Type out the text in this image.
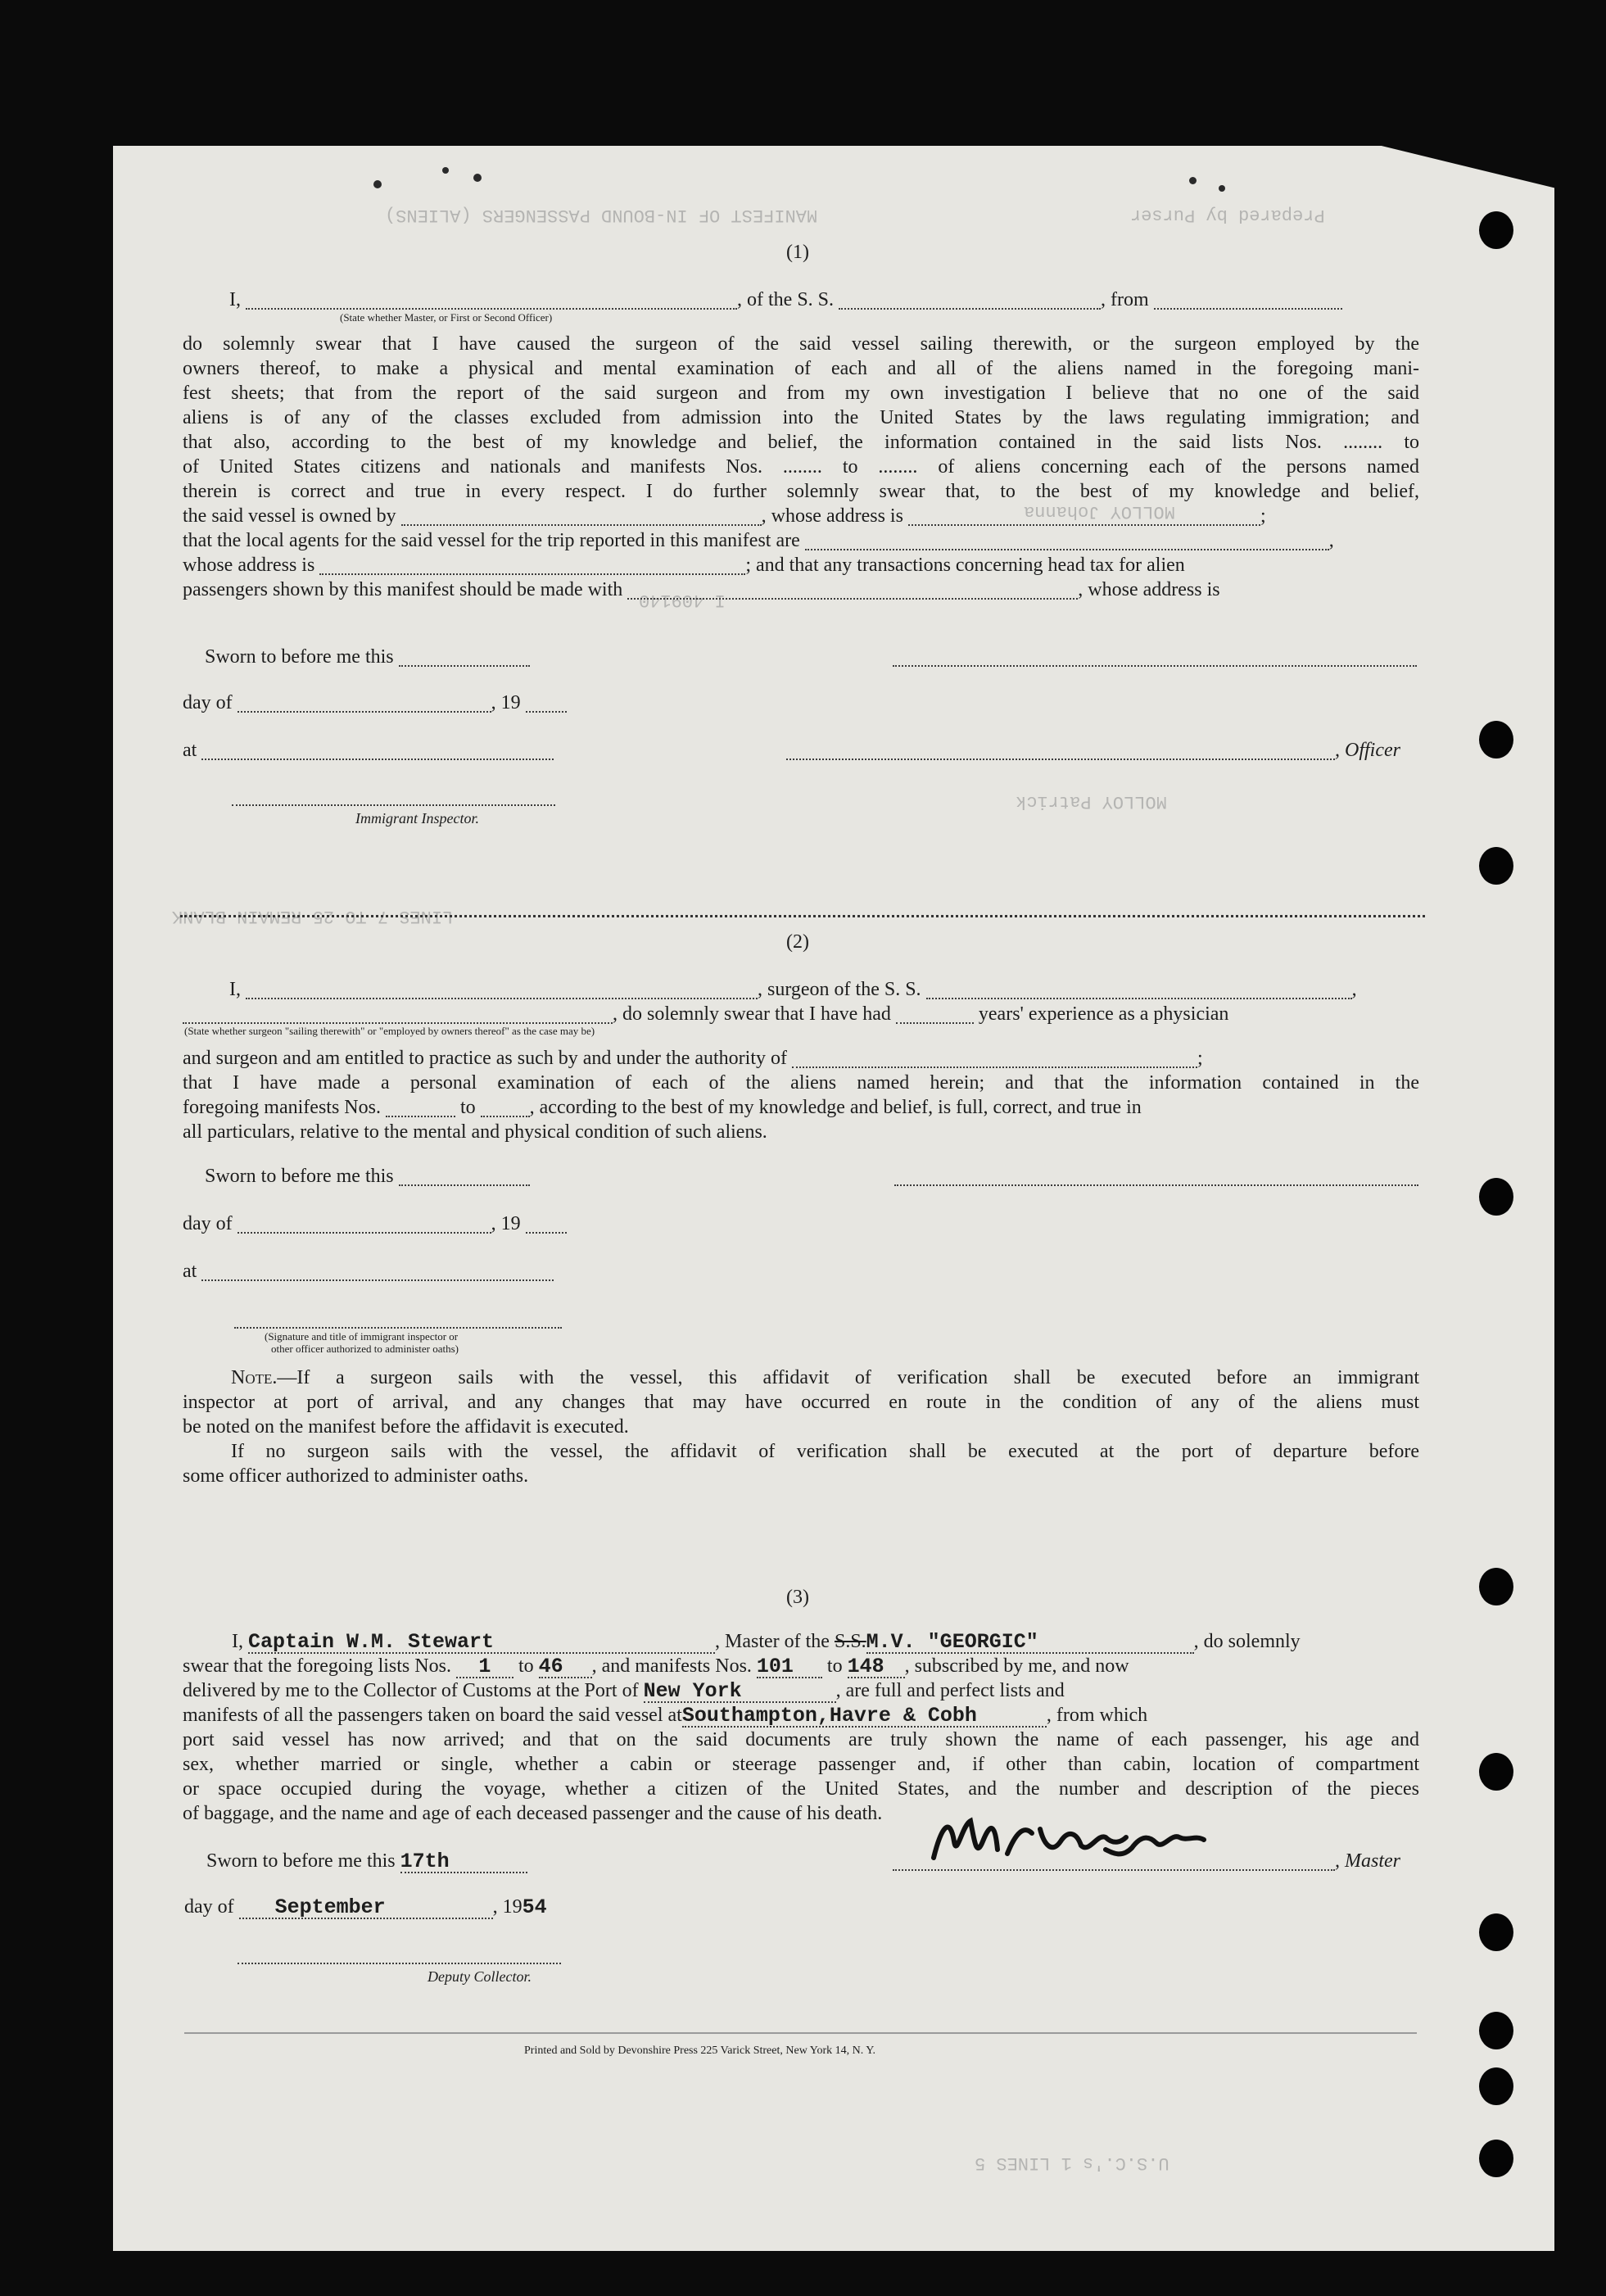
Prepared by Purser
MANIFEST OF IN-BOUND PASSENGERS (ALIENS)
MOLLOY Johanna
I 409140
MOLLOY Patrick
LINES 7 TO 25 REMAIN BLANK
U.S.C.'s 1 LINES 5
(1)
I,	, of the S. S.	, from
(State whether Master, or First or Second Officer)
do solemnly swear that I have caused the surgeon of the said vessel sailing therewith, or the surgeon employed by the
owners thereof, to make a physical and mental examination of each and all of the aliens named in the foregoing mani-
fest sheets; that from the report of the said surgeon and from my own investigation I believe that no one of the said
aliens is of any of the classes excluded from admission into the United States by the laws regulating immigration; and
that also, according to the best of my knowledge and belief, the information contained in the said lists Nos. ........ to
of United States citizens and nationals and manifests Nos. ........ to ........ of aliens concerning each of the persons named
therein is correct and true in every respect. I do further solemnly swear that, to the best of my knowledge and belief,
the said vessel is owned by	, whose address is	;
that the local agents for the said vessel for the trip reported in this manifest are	,
whose address is	; and that any transactions concerning head tax for alien
passengers shown by this manifest should be made with	, whose address is
Sworn to before me this
day of	, 19
at	, Officer
Immigrant Inspector.
(2)
I,	, surgeon of the S. S.	,
, do solemnly swear that I have had	years' experience as a physician
(State whether surgeon "sailing therewith" or "employed by owners thereof" as the case may be)
and surgeon and am entitled to practice as such by and under the authority of	;
that I have made a personal examination of each of the aliens named herein; and that the information contained in the
foregoing manifests Nos.	to	, according to the best of my knowledge and belief, is full, correct, and true in
all particulars, relative to the mental and physical condition of such aliens.
Sworn to before me this
day of	, 19
at
(Signature and title of immigrant inspector or
other officer authorized to administer oaths)
Note.—If a surgeon sails with the vessel, this affidavit of verification shall be executed before an immigrant
inspector at port of arrival, and any changes that may have occurred en route in the condition of any of the aliens must
be noted on the manifest before the affidavit is executed.
If no surgeon sails with the vessel, the affidavit of verification shall be executed at the port of departure before
some officer authorized to administer oaths.
(3)
I, Captain W.M. Stewart	, Master of the S.S.M.V. "GEORGIC"	, do solemnly
swear that the foregoing lists Nos. 1 to 46 , and manifests Nos. 101 to 148 , subscribed by me, and now
delivered by me to the Collector of Customs at the Port of New York	, are full and perfect lists and
manifests of all the passengers taken on board the said vessel atSouthampton,Havre & Cobh	, from which
port said vessel has now arrived; and that on the said documents are truly shown the name of each passenger, his age and
sex, whether married or single, whether a cabin or steerage passenger and, if other than cabin, location of compartment
or space occupied during the voyage, whether a citizen of the United States, and the number and description of the pieces
of baggage, and the name and age of each deceased passenger and the cause of his death.
Sworn to before me this 17th	, Master
day of September	, 1954
Deputy Collector.
Printed and Sold by Devonshire Press 225 Varick Street, New York 14, N. Y.
